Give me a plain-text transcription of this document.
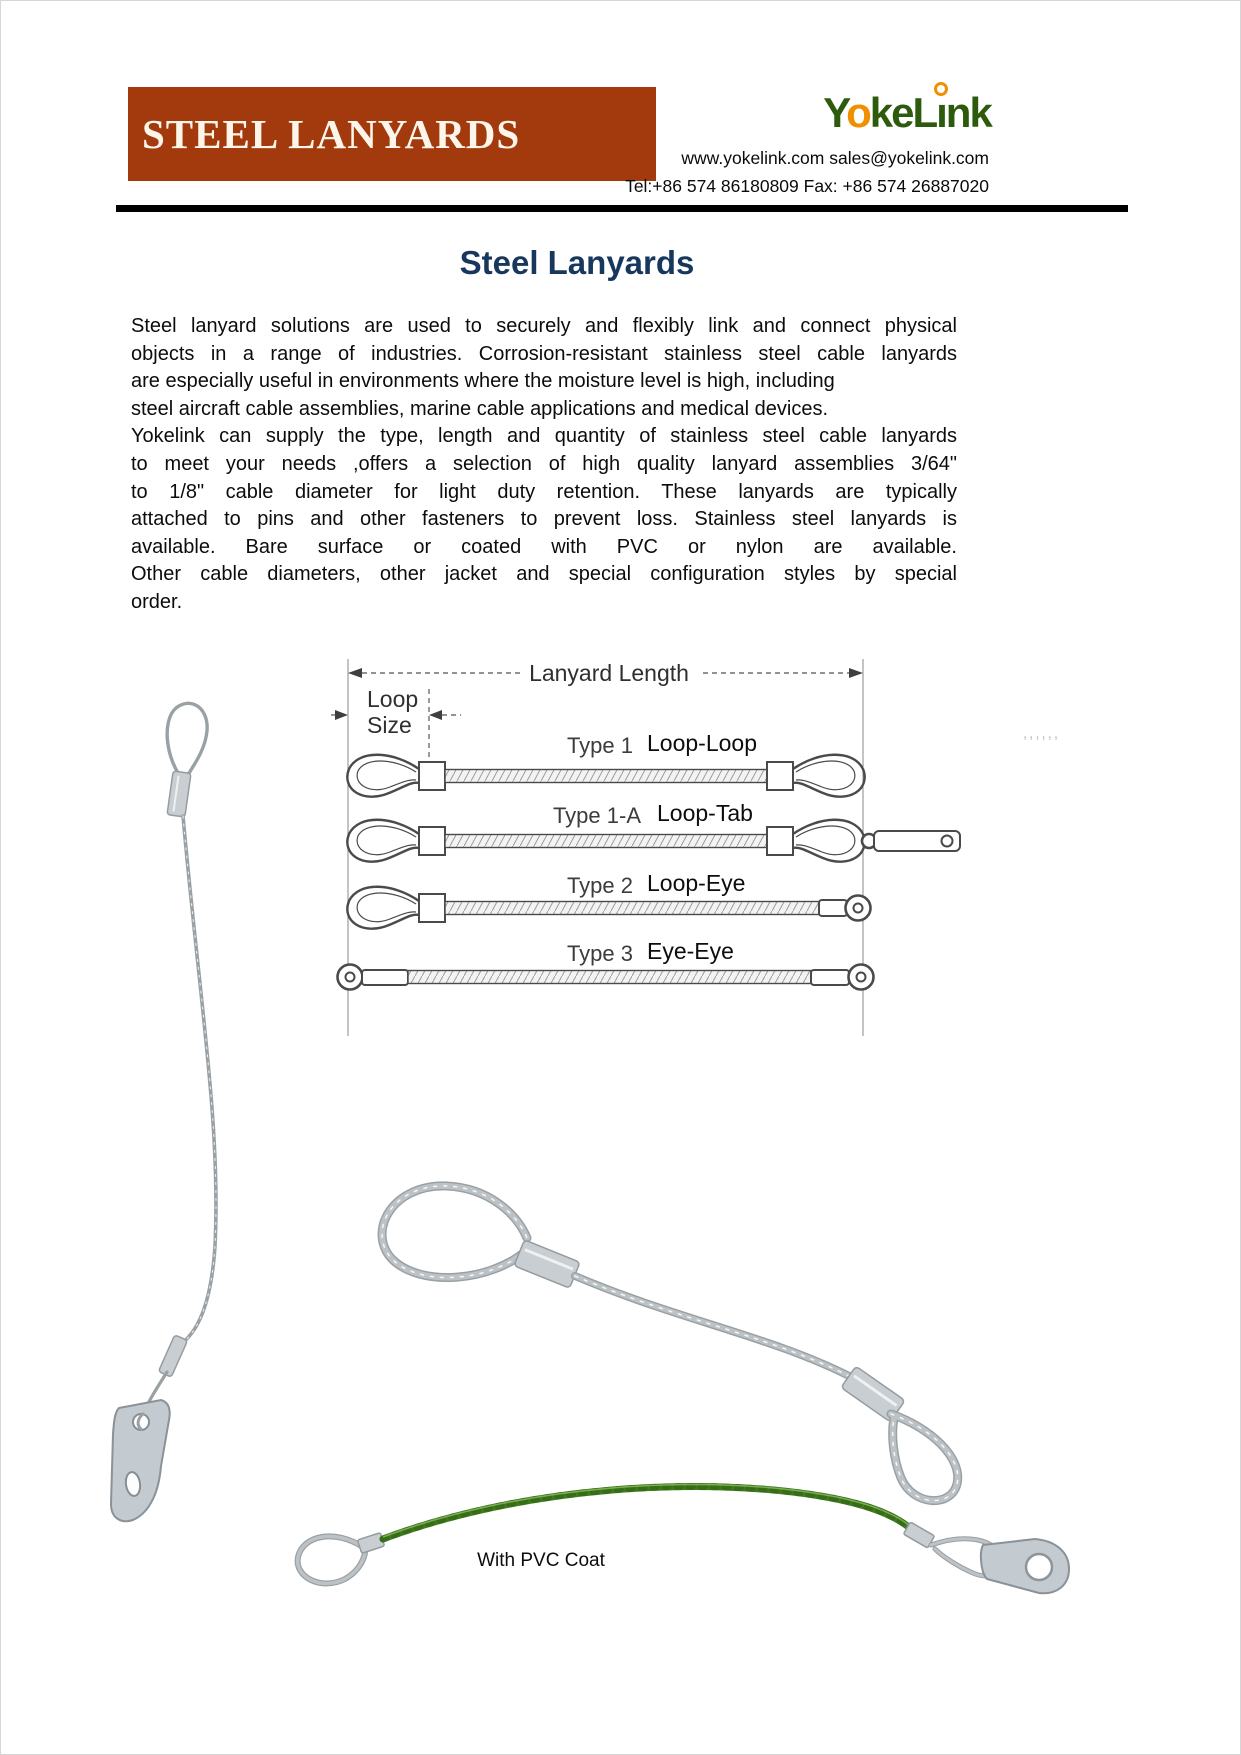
STEEL LANYARDS	YokeLınk
www.yokelink.com sales@yokelink.com
Tel:+86 574 86180809 Fax: +86 574 26887020
Steel Lanyards
Steel lanyard solutions are used to securely and flexibly link and connect physical
objects in a range of industries. Corrosion-resistant stainless steel cable lanyards
are especially useful in environments where the moisture level is high, including
steel aircraft cable assemblies, marine cable applications and medical devices.
Yokelink can supply the type, length and quantity of stainless steel cable lanyards
to meet your needs ,offers a selection of high quality lanyard assemblies 3/64"
to 1/8" cable diameter for light duty retention. These lanyards are typically
attached to pins and other fasteners to prevent loss. Stainless steel lanyards is
available. Bare surface or coated with PVC or nylon are available.
Other cable diameters, other jacket and special configuration styles by special
order.
Lanyard Length
Loop
Size
Type 1 Loop-Loop
Type 1-A Loop-Tab
Type 2 Loop-Eye
Type 3 Eye-Eye
With PVC Coat
,,,,,,
